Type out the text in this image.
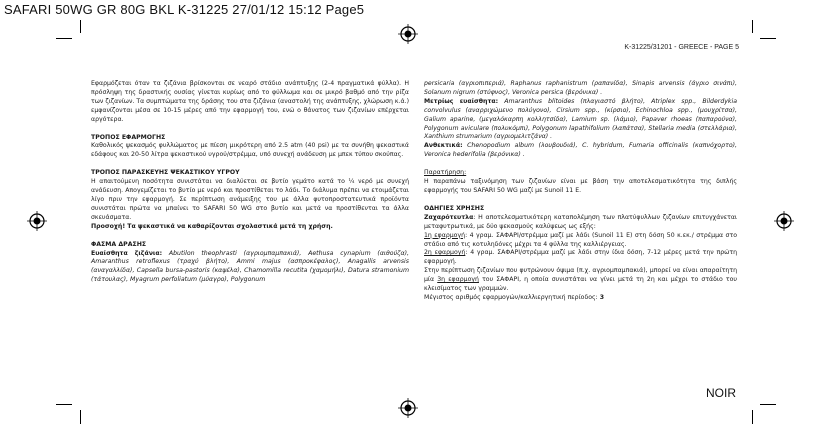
SAFARI 50WG GR 80G BKL K-31225 27/01/12 15:12 Page5
K-31225/31201 - GREECE - PAGE 5

Εφαρμόζεται όταν τα ζιζάνια βρίσκονται σε νεαρό στάδιο ανάπτυξης (2-4 πραγματικά φύλλα). Η πρόσληψη της δραστικής ουσίας γίνεται κυρίως από το φύλλωμα και σε μικρό βαθμό από την ρίζα των ζιζανίων. Τα συμπτώματα της δράσης του στα ζιζάνια (αναστολή της ανάπτυξης, χλώρωση κ.ά.) εμφανίζονται μέσα σε 10-15 μέρες από την εφαρμογή του, ενώ ο θάνατος των ζιζανίων επέρχεται αργότερα.

ΤΡΟΠΟΣ ΕΦΑΡΜΟΓΗΣ

Καθολικός ψεκασμός φυλλώματος με πίεση μικρότερη από 2.5 atm (40 psi) με τα συνήθη ψεκαστικά εδάφους και 20-50 λίτρα ψεκαστικού υγρού/στρέμμα, υπό συνεχή ανάδευση με μπεκ τύπου σκούπας.

ΤΡΟΠΟΣ ΠΑΡΑΣΚΕΥΗΣ ΨΕΚΑΣΤΙΚΟΥ ΥΓΡΟΥ

Η απαιτούμενη ποσότητα συνιστάται να διαλύεται σε βυτίο γεμάτο κατά το ¼ νερό με συνεχή ανάδευση. Απογεμίζεται το βυτίο με νερό και προστίθεται το λάδι. Το διάλυμα πρέπει να ετοιμάζεται λίγο πριν την εφαρμογή. Σε περίπτωση ανάμειξης του με άλλα φυτοπροστατευτικά προϊόντα συνιστάται πρώτα να μπαίνει το SAFARI 50 WG στο βυτίο και μετά να προστίθενται τα άλλα σκευάσματα.

Προσοχή! Τα ψεκαστικά να καθαρίζονται σχολαστικά μετά τη χρήση.

ΦΑΣΜΑ ΔΡΑΣΗΣ

Ευαίσθητα ζιζάνια: Abutilon theophrasti (αγριομπαμπακιά), Aethusa cynapium (αιθούζα), Amaranthus retroflexus (τραχύ βλήτο), Ammi majus (ασπροκέφαλος), Anagallis arvensis (αναγαλλίδα), Capsella bursa-pastoris (καψέλα), Chamomilla recutita (χαμομήλι), Datura stramonium (τάτουλας), Myagrum perfoliatum (μύαγρο), Polygonum

persicaria (αγριοπιπεριά), Raphanus raphanistrum (ραπανίδα), Sinapis arvensis (άγριο σινάπι), Solanum nigrum (στύφνος), Veronica persica (βερόνικα) .

Μετρίως ευαίσθητα: Amaranthus blitoides (πλαγιαστό βλήτο), Atriplex spp., Bilderdykia convolvulus (αναρριχώμενο πολύγονο), Cirsium spp., (κίρσιο), Echinochloa spp., (μουχρίτσα), Galium aparine, (μεγαλόκαρπη κολλητσίδα), Lamium sp. (λάμιο), Papaver rhoeas (παπαρούνα), Polygonum aviculare (πολυκόμπι), Polygonum lapathifolium (λαπάτσα), Stellaria media (στελλάρια), Xanthium strumarium (αγριομελιτζάνα) .

Ανθεκτικά: Chenopodium album (λουβουδιά), C. hybridum, Fumaria officinalis (καπνόχορτο), Veronica hederifolia (βερόνικα) .

Παρατήρηση:

Η παραπάνω ταξινόμηση των ζιζανίων είναι με βάση την αποτελεσματικότητα της διπλής εφαρμογής του SAFARI 50 WG μαζί με Sunoil 11 E.

ΟΔΗΓΙΕΣ ΧΡΗΣΗΣ

Ζαχαρότευτλα: Η αποτελεσματικότερη καταπολέμηση των πλατύφυλλων ζιζανίων επιτυγχάνεται μεταφυτρωτικά, με δύο ψεκασμούς καλύψεως ως εξής:

1η εφαρμογή: 4 γραμ. ΣΑΦΑΡΙ/στρέμμα μαζί με λάδι (Sunoil 11 E) στη δόση 50 κ.εκ./ στρέμμα στο στάδιο από τις κοτυληδόνες μέχρι τα 4 φύλλα της καλλιέργειας.

2η εφαρμογή: 4 γραμ. ΣΑΦΑΡΙ/στρέμμα μαζί με λάδι στην ίδια δόση, 7-12 μέρες μετά την πρώτη εφαρμογή.

Στην περίπτωση ζιζανίων που φυτρώνουν όψιμα (π.χ. αγριομπαμπακιά), μπορεί να είναι απαραίτητη μία 3η εφαρμογή του ΣΑΦΑΡΙ, η οποία συνιστάται να γίνει μετά τη 2η και μέχρι το στάδιο του κλεισίματος των γραμμών.

Μέγιστος αριθμός εφαρμογών/καλλιεργητική περίοδος: 3

NOIR
